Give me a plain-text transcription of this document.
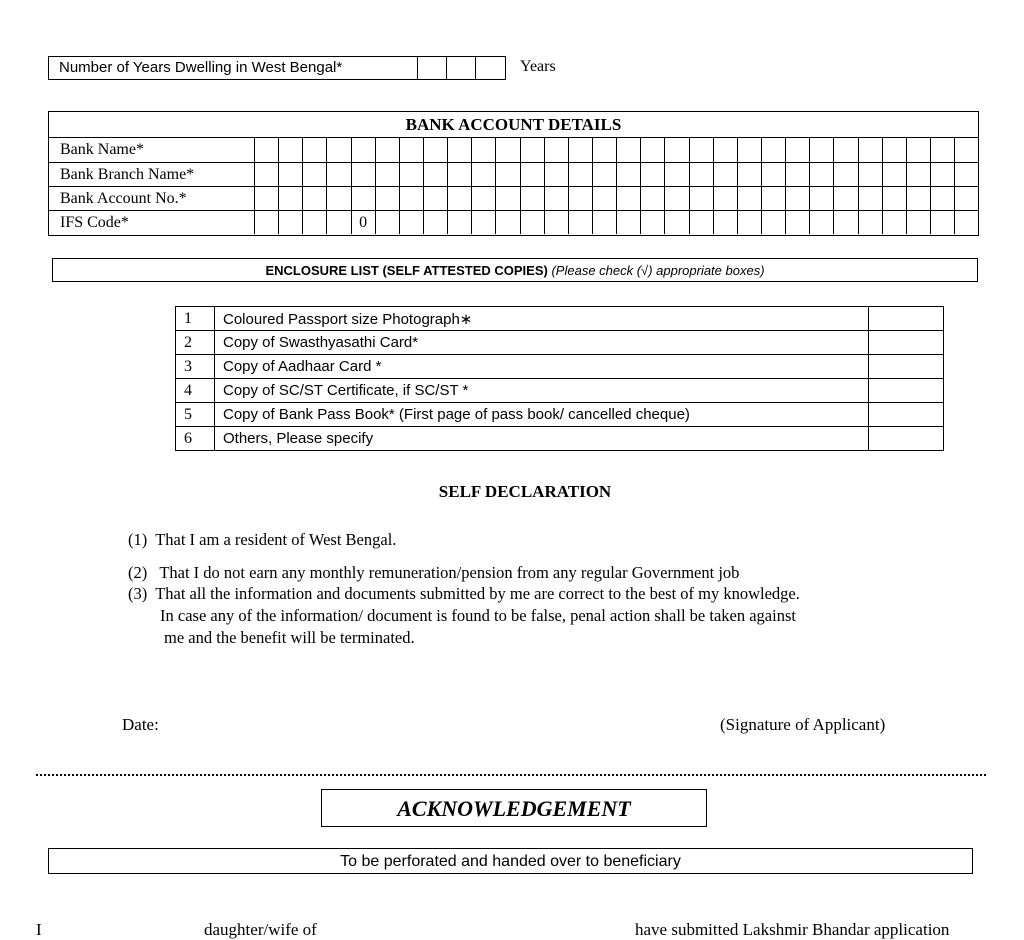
Number of Years Dwelling in West Bengal*	Years
BANK ACCOUNT DETAILS
Bank Name*
Bank Branch Name*
Bank Account No.*
IFS Code*	0
ENCLOSURE LIST (SELF ATTESTED COPIES) (Please check (√) appropriate boxes)
1	Coloured Passport size Photograph∗	
2	Copy of Swasthyasathi Card*	
3	Copy of Aadhaar Card *	
4	Copy of SC/ST Certificate, if SC/ST *	
5	Copy of Bank Pass Book* (First page of pass book/ cancelled cheque)	
6	Others, Please specify	
SELF DECLARATION
(1)  That I am a resident of West Bengal.
(2)   That I do not earn any monthly remuneration/pension from any regular Government job
(3)  That all the information and documents submitted by me are correct to the best of my knowledge.
In case any of the information/ document is found to be false, penal action shall be taken against
me and the benefit will be terminated.
Date:	(Signature of Applicant)
ACKNOWLEDGEMENT
To be perforated and handed over to beneficiary
I	daughter/wife of	have submitted Lakshmir Bhandar application
